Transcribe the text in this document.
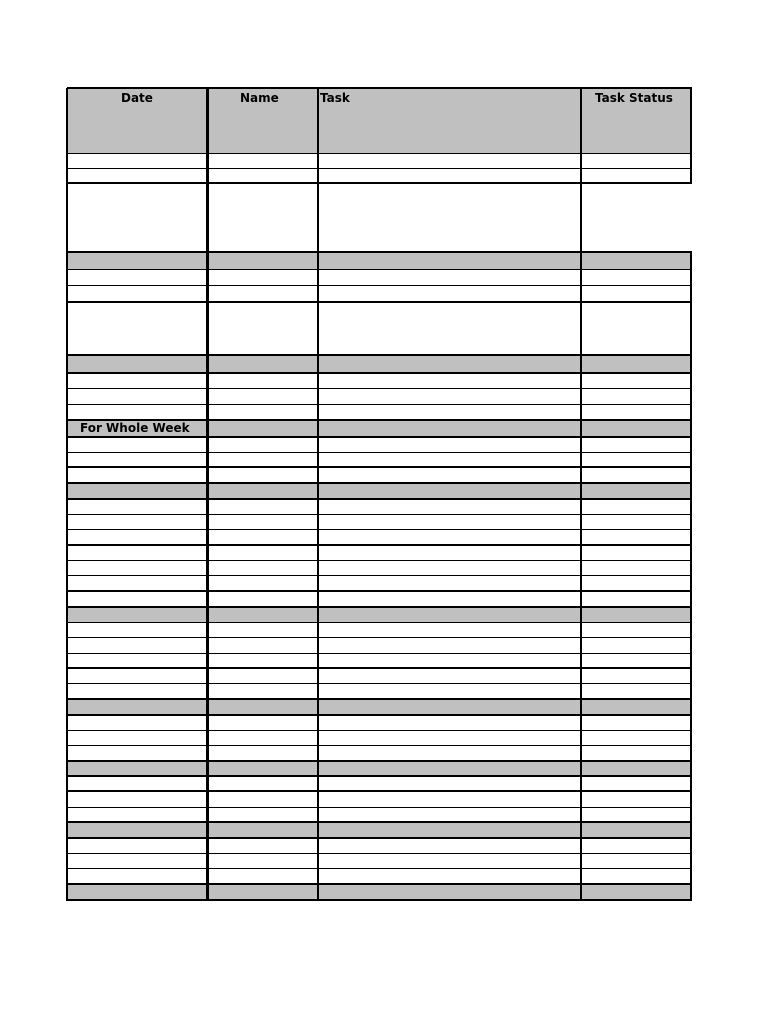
Date	Name	Task	Task Status
For Whole Week
